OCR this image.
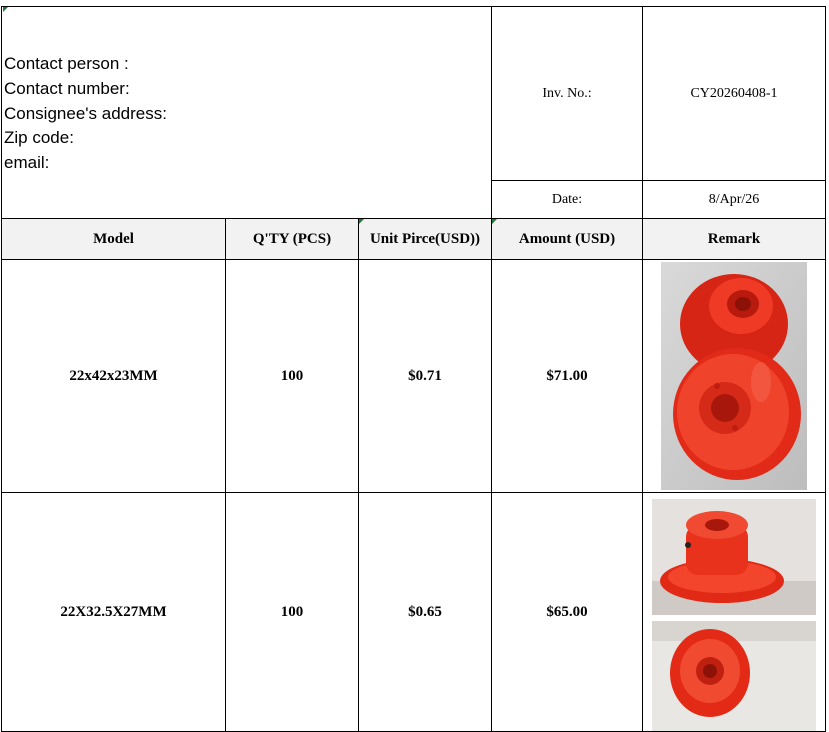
Contact person :
Contact number:
Consignee's address:
Zip code:
email:
Inv. No.:	CY20260408-1
Date:	8/Apr/26
Model	Q'TY (PCS)	Unit Pirce(USD))	Amount (USD)	Remark
22x42x23MM	100	$0.71	$71.00
22X32.5X27MM	100	$0.65	$65.00
